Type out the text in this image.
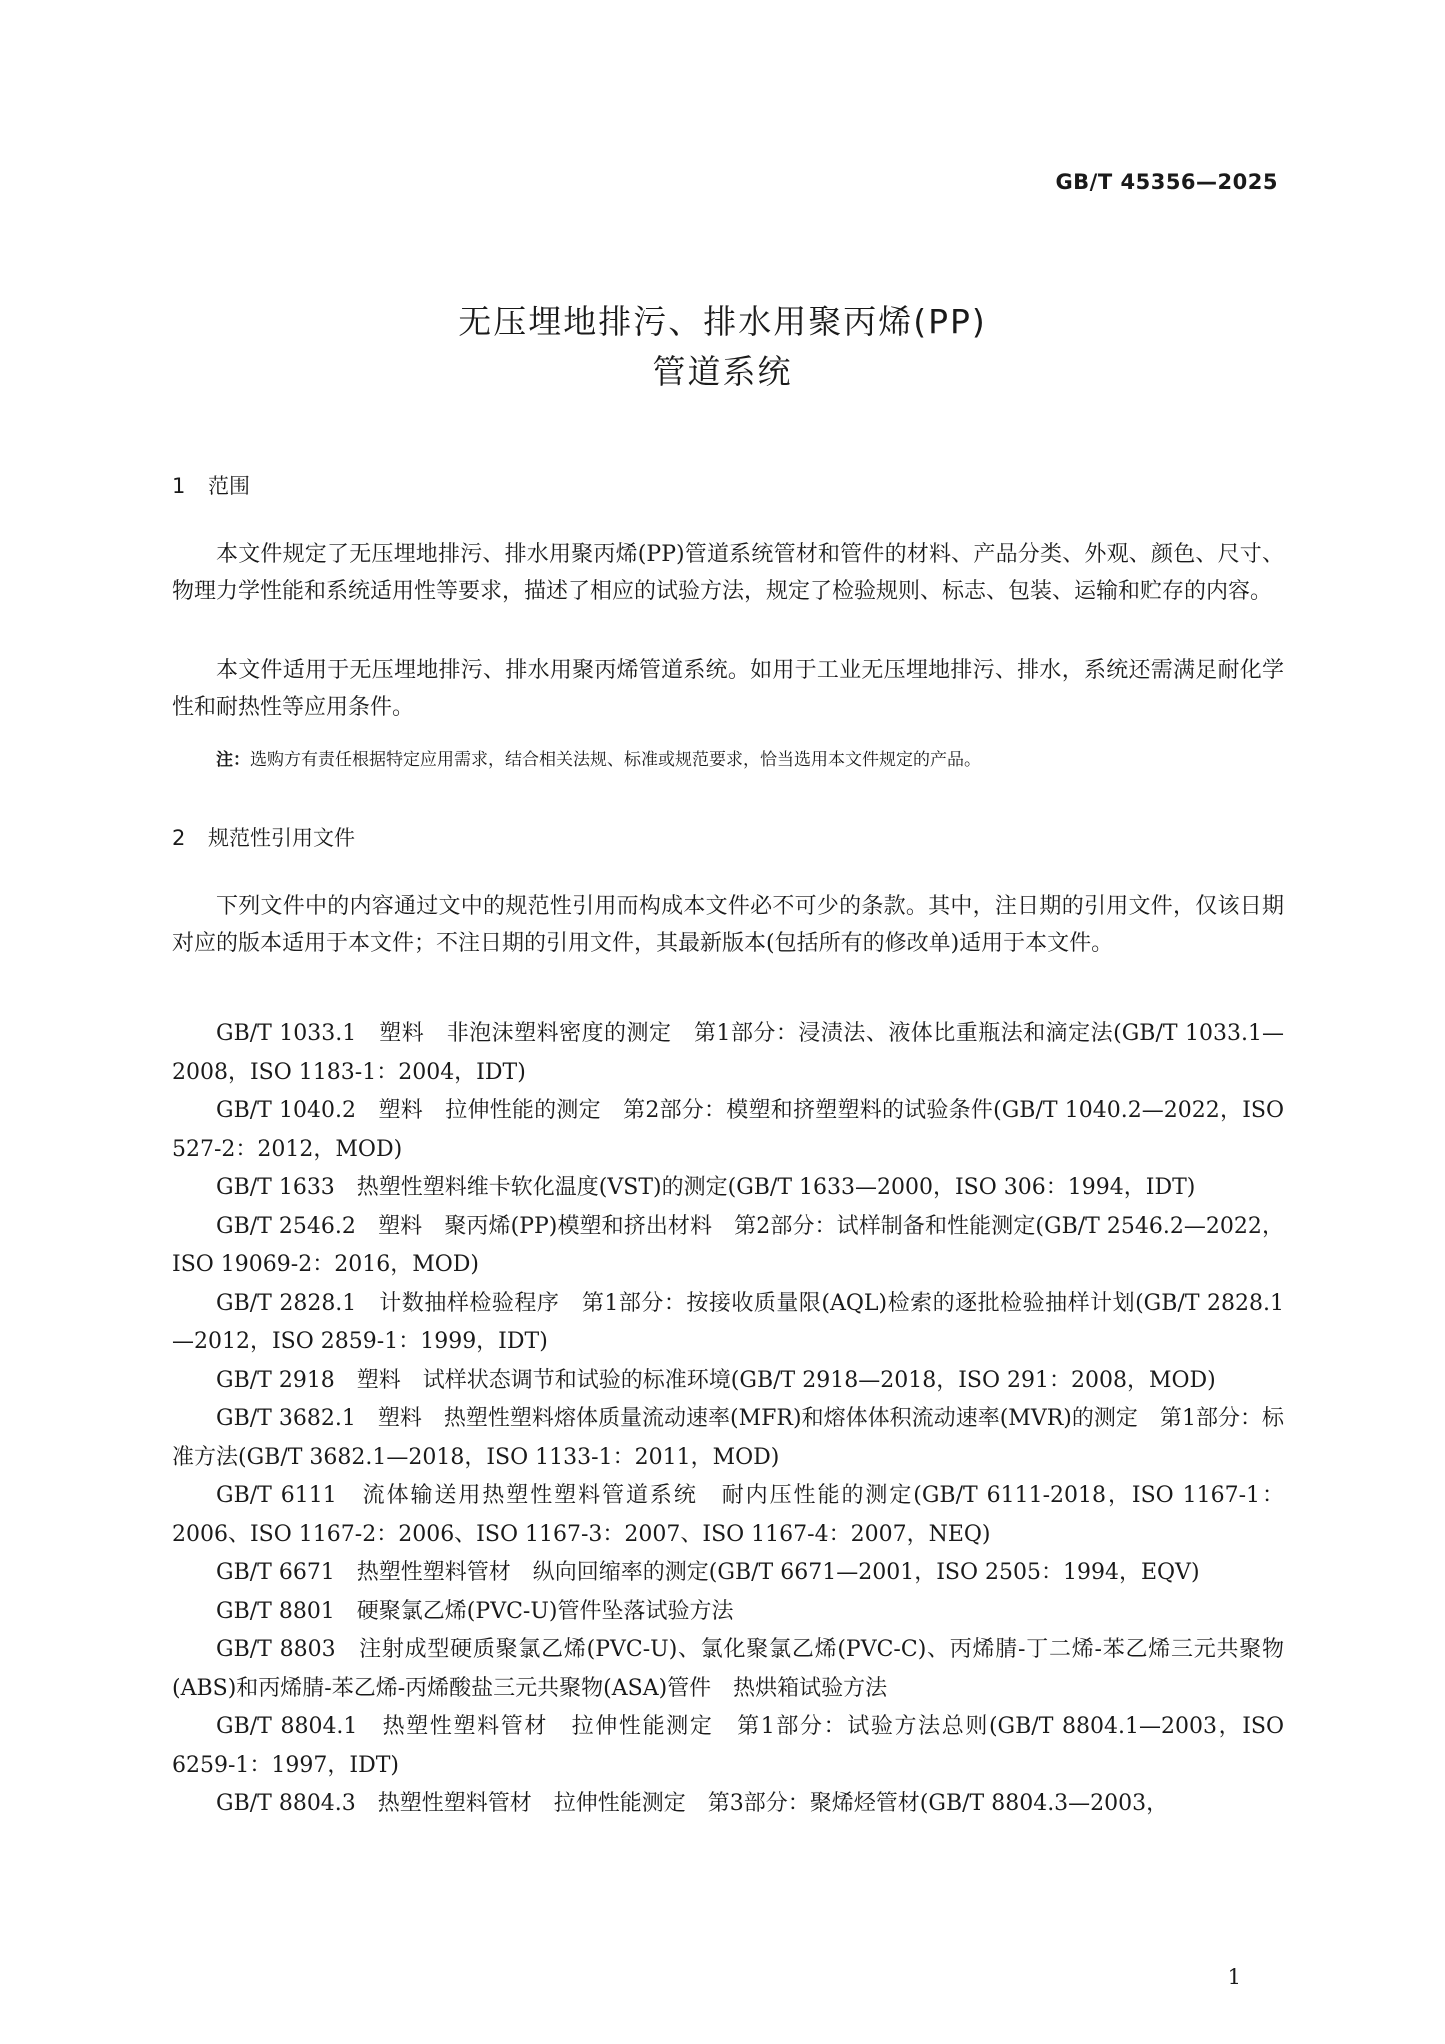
GB/T 45356—2025
无压埋地排污、排水用聚丙烯(PP)
管道系统
1 范围

本文件规定了无压埋地排污、排水用聚丙烯(PP)管道系统管材和管件的材料、产品分类、外观、颜色、尺寸、物理力学性能和系统适用性等要求，描述了相应的试验方法，规定了检验规则、标志、包装、运输和贮存的内容。

本文件适用于无压埋地排污、排水用聚丙烯管道系统。如用于工业无压埋地排污、排水，系统还需满足耐化学性和耐热性等应用条件。

注：选购方有责任根据特定应用需求，结合相关法规、标准或规范要求，恰当选用本文件规定的产品。
2 规范性引用文件

下列文件中的内容通过文中的规范性引用而构成本文件必不可少的条款。其中，注日期的引用文件，仅该日期对应的版本适用于本文件；不注日期的引用文件，其最新版本(包括所有的修改单)适用于本文件。

GB/T 1033.1　塑料　非泡沫塑料密度的测定　第1部分：浸渍法、液体比重瓶法和滴定法(GB/T 1033.1—2008，ISO 1183-1：2004，IDT)
GB/T 1040.2　塑料　拉伸性能的测定　第2部分：模塑和挤塑塑料的试验条件(GB/T 1040.2—2022，ISO 527-2：2012，MOD)
GB/T 1633　热塑性塑料维卡软化温度(VST)的测定(GB/T 1633—2000，ISO 306：1994，IDT)
GB/T 2546.2　塑料　聚丙烯(PP)模塑和挤出材料　第2部分：试样制备和性能测定(GB/T 2546.2—2022，ISO 19069-2：2016，MOD)
GB/T 2828.1　计数抽样检验程序　第1部分：按接收质量限(AQL)检索的逐批检验抽样计划(GB/T 2828.1—2012，ISO 2859-1：1999，IDT)
GB/T 2918　塑料　试样状态调节和试验的标准环境(GB/T 2918—2018，ISO 291：2008，MOD)
GB/T 3682.1　塑料　热塑性塑料熔体质量流动速率(MFR)和熔体体积流动速率(MVR)的测定　第1部分：标准方法(GB/T 3682.1—2018，ISO 1133-1：2011，MOD)
GB/T 6111　流体输送用热塑性塑料管道系统　耐内压性能的测定(GB/T 6111-2018，ISO 1167-1：2006、ISO 1167-2：2006、ISO 1167-3：2007、ISO 1167-4：2007，NEQ)
GB/T 6671　热塑性塑料管材　纵向回缩率的测定(GB/T 6671—2001，ISO 2505：1994，EQV)
GB/T 8801　硬聚氯乙烯(PVC-U)管件坠落试验方法
GB/T 8803　注射成型硬质聚氯乙烯(PVC-U)、氯化聚氯乙烯(PVC-C)、丙烯腈-丁二烯-苯乙烯三元共聚物(ABS)和丙烯腈-苯乙烯-丙烯酸盐三元共聚物(ASA)管件　热烘箱试验方法
GB/T 8804.1　热塑性塑料管材　拉伸性能测定　第1部分：试验方法总则(GB/T 8804.1—2003，ISO 6259-1：1997，IDT)
GB/T 8804.3　热塑性塑料管材　拉伸性能测定　第3部分：聚烯烃管材(GB/T 8804.3—2003，
1
